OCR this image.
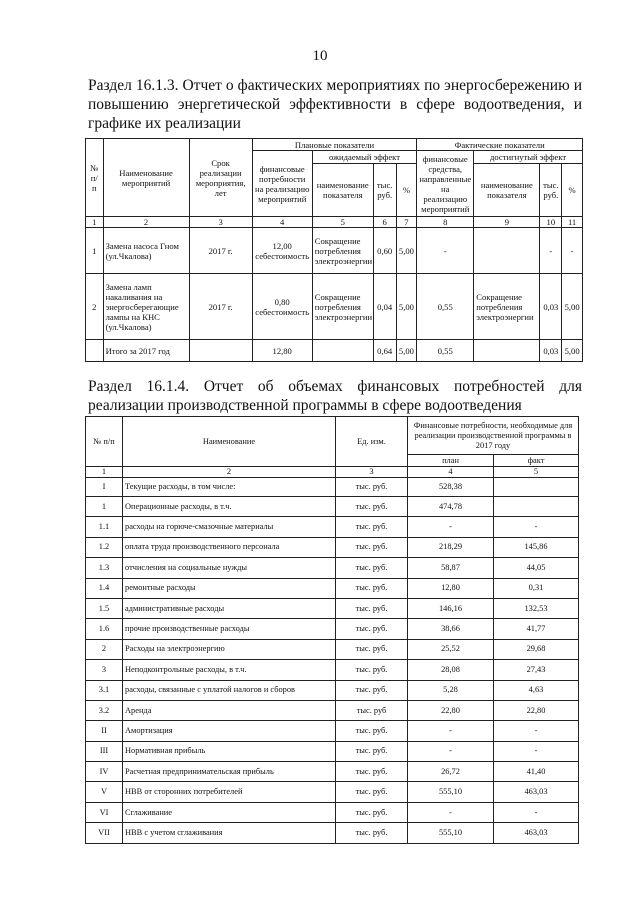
10
Раздел 16.1.3. Отчет о фактических мероприятиях по энергосбережению и повышению энергетической эффективности в сфере водоотведения, и графике их реализации
№ п/ п	Наименование мероприятий	Срок реализации мероприятия, лет	Плановые показатели				Фактические показатели			
			финансовые потребности на реализацию мероприятий	ожидаемый эффект			финансовые средства, направленные на реализацию мероприятий	достигнутый эффект		
				наименование показателя	тыс. руб.	%		наименование показателя	тыс. руб.	%
1	2	3	4	5	6	7	8	9	10	11
1	Замена насоса Гном (ул.Чкалова)	2017 г.	12,00 себестоимость	Сокращение потребления электроэнергии	0,60	5,00	-		-	-
2	Замена ламп накаливания на энергосберегающие лампы на КНС (ул.Чкалова)	2017 г.	0,80 себестоимость	Сокращение потребления электроэнергии	0,04	5,00	0,55	Сокращение потребления электроэнергии	0,03	5,00
	Итого за 2017 год		12,80		0,64	5,00	0,55		0,03	5,00
Раздел 16.1.4. Отчет об объемах финансовых потребностей для реализации производственной программы в сфере водоотведения
№ п/п	Наименование	Ед. изм.	Финансовые потребности, необходимые для реализации производственной программы в 2017 году	
			план	факт
1	2	3	4	5
I	Текущие расходы, в том числе:	тыс. руб.	528,38	
1	Операционные расходы, в т.ч.	тыс. руб.	474,78	
1.1	расходы на горюче-смазочные материалы	тыс. руб.	-	-
1.2	оплата труда производственного персонала	тыс. руб.	218,29	145,86
1.3	отчисления на социальные нужды	тыс. руб.	58,87	44,05
1.4	ремонтные расходы	тыс. руб.	12,80	0,31
1.5	административные расходы	тыс. руб.	146,16	132,53
1.6	прочие производственные расходы	тыс. руб.	38,66	41,77
2	Расходы на электроэнергию	тыс. руб.	25,52	29,68
3	Неподконтрольные расходы, в т.ч.	тыс. руб.	28,08	27,43
3.1	расходы, связанные с уплатой налогов и сборов	тыс. руб.	5,28	4,63
3.2	Аренда	тыс. руб	22,80	22,80
II	Амортизация	тыс. руб.	-	-
III	Нормативная прибыль	тыс. руб.	-	-
IV	Расчетная предпринимательская прибыль	тыс. руб.	26,72	41,40
V	НВВ от сторонних потребителей	тыс. руб.	555,10	463,03
VI	Сглаживание	тыс. руб.	-	-
VII	НВВ с учетом сглаживания	тыс. руб.	555,10	463,03
